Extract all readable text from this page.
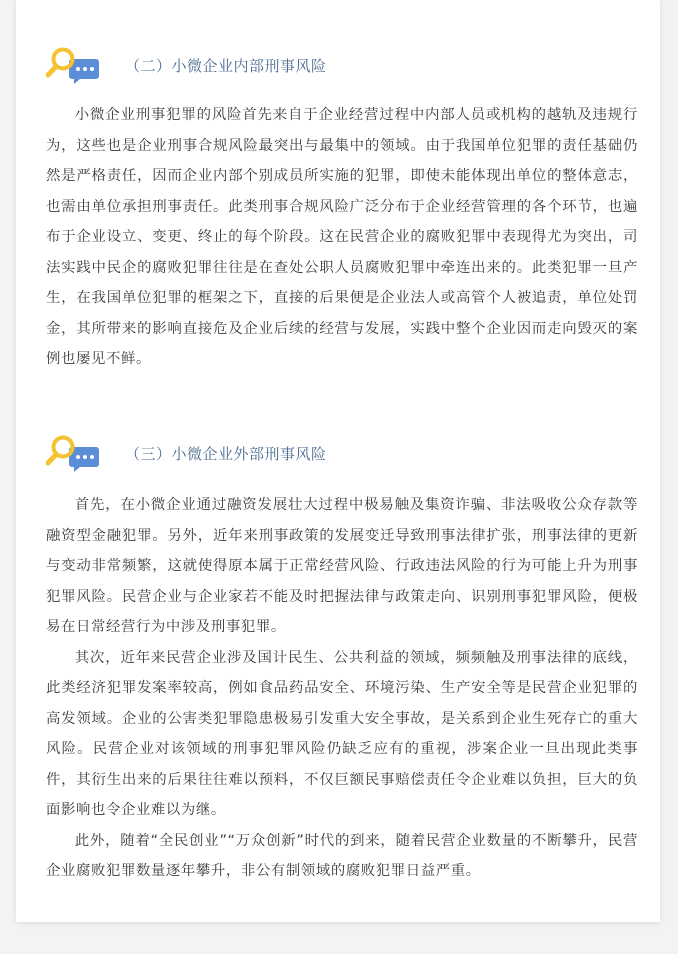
（二）小微企业内部刑事风险

小微企业刑事犯罪的风险首先来自于企业经营过程中内部人员或机构的越轨及违规行为，这些也是企业刑事合规风险最突出与最集中的领域。由于我国单位犯罪的责任基础仍然是严格责任，因而企业内部个别成员所实施的犯罪，即使未能体现出单位的整体意志，也需由单位承担刑事责任。此类刑事合规风险广泛分布于企业经营管理的各个环节，也遍布于企业设立、变更、终止的每个阶段。这在民营企业的腐败犯罪中表现得尤为突出，司法实践中民企的腐败犯罪往往是在查处公职人员腐败犯罪中牵连出来的。此类犯罪一旦产生，在我国单位犯罪的框架之下，直接的后果便是企业法人或高管个人被追责，单位处罚金，其所带来的影响直接危及企业后续的经营与发展，实践中整个企业因而走向毁灭的案例也屡见不鲜。

（三）小微企业外部刑事风险

首先，在小微企业通过融资发展壮大过程中极易触及集资诈骗、非法吸收公众存款等融资型金融犯罪。另外，近年来刑事政策的发展变迁导致刑事法律扩张，刑事法律的更新与变动非常频繁，这就使得原本属于正常经营风险、行政违法风险的行为可能上升为刑事犯罪风险。民营企业与企业家若不能及时把握法律与政策走向、识别刑事犯罪风险，便极易在日常经营行为中涉及刑事犯罪。

其次，近年来民营企业涉及国计民生、公共利益的领域，频频触及刑事法律的底线，此类经济犯罪发案率较高，例如食品药品安全、环境污染、生产安全等是民营企业犯罪的高发领域。企业的公害类犯罪隐患极易引发重大安全事故，是关系到企业生死存亡的重大风险。民营企业对该领域的刑事犯罪风险仍缺乏应有的重视，涉案企业一旦出现此类事件，其衍生出来的后果往往难以预料，不仅巨额民事赔偿责任令企业难以负担，巨大的负面影响也令企业难以为继。

此外，随着“全民创业”“万众创新”时代的到来，随着民营企业数量的不断攀升，民营企业腐败犯罪数量逐年攀升，非公有制领域的腐败犯罪日益严重。
